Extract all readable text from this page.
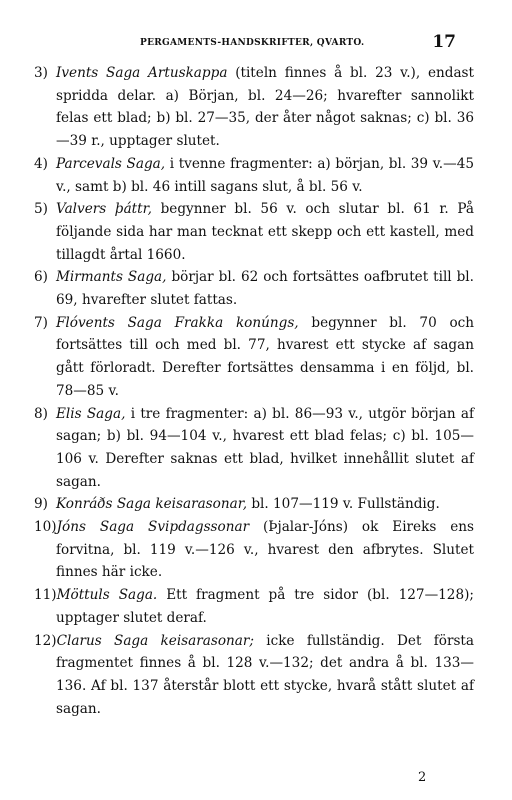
PERGAMENTS-HANDSKRIFTER, QVARTO.	17

3) Ivents Saga Artuskappa (titeln finnes å bl. 23 v.), endast spridda delar. a) Början, bl. 24—26; hvarefter sannolikt felas ett blad; b) bl. 27—35, der åter något saknas; c) bl. 36—39 r., upptager slutet.

4) Parcevals Saga, i tvenne fragmenter: a) början, bl. 39 v.—45 v., samt b) bl. 46 intill sagans slut, å bl. 56 v.

5) Valvers þáttr, begynner bl. 56 v. och slutar bl. 61 r. På följande sida har man tecknat ett skepp och ett kastell, med tillagdt årtal 1660.

6) Mirmants Saga, börjar bl. 62 och fortsättes oafbrutet till bl. 69, hvarefter slutet fattas.

7) Flóvents Saga Frakka konúngs, begynner bl. 70 och fortsättes till och med bl. 77, hvarest ett stycke af sagan gått förloradt. Derefter fortsättes densamma i en följd, bl. 78—85 v.

8) Elis Saga, i tre fragmenter: a) bl. 86—93 v., utgör början af sagan; b) bl. 94—104 v., hvarest ett blad felas; c) bl. 105—106 v. Derefter saknas ett blad, hvilket innehållit slutet af sagan.

9) Konráðs Saga keisarasonar, bl. 107—119 v. Fullständig.

10)Jóns Saga Svipdagssonar (Þjalar-Jóns) ok Eireks ens forvitna, bl. 119 v.—126 v., hvarest den afbrytes. Slutet finnes här icke.

11)Möttuls Saga. Ett fragment på tre sidor (bl. 127—128); upptager slutet deraf.

12)Clarus Saga keisarasonar; icke fullständig. Det första fragmentet finnes å bl. 128 v.—132; det andra å bl. 133—136. Af bl. 137 återstår blott ett stycke, hvarå stått slutet af sagan.

2
